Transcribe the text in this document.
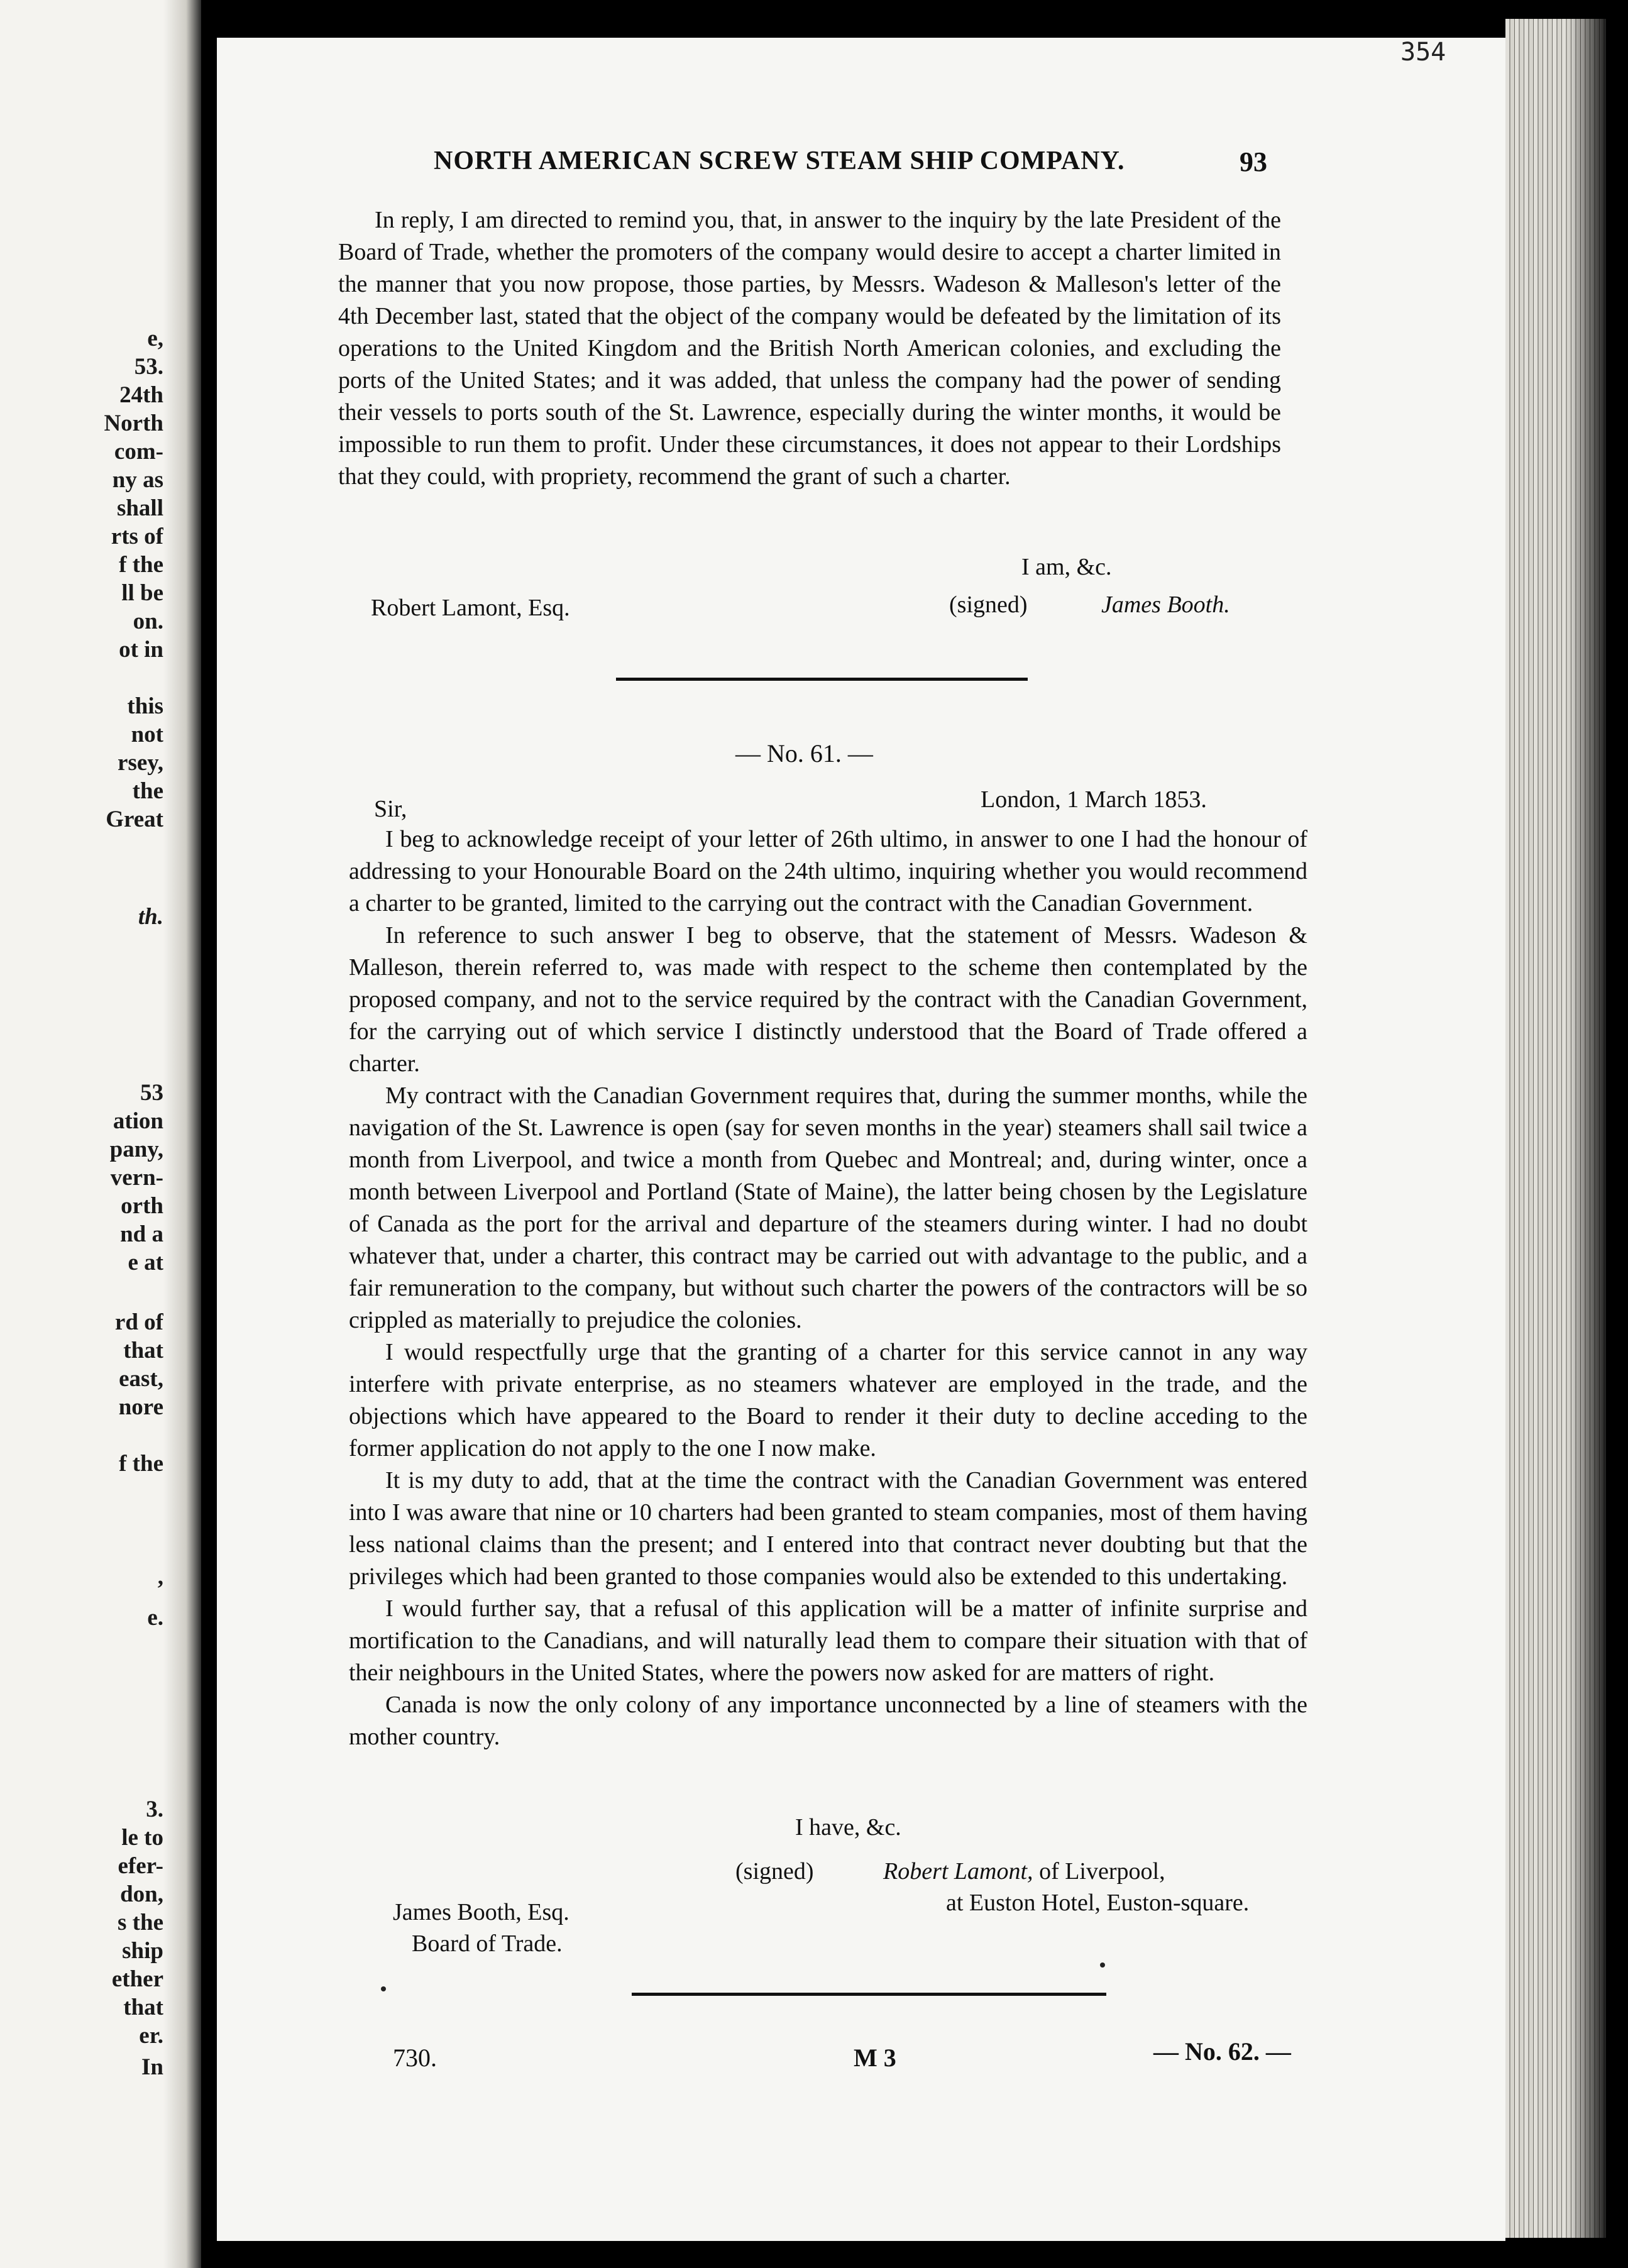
e,
53.
24th
North
com-
ny as
shall
rts of
f the
ll be
on.
ot in
this
not
rsey,
the
Great
th.
53
ation
pany,
vern-
orth
nd a
e at
rd of
that
east,
nore
f the
,
e.
3.
le to
efer-
don,
s the
ship
ether
that
er.
In
354
NORTH AMERICAN SCREW STEAM SHIP COMPANY.	93

In reply, I am directed to remind you, that, in answer to the inquiry by the late President of the Board of Trade, whether the promoters of the company would desire to accept a charter limited in the manner that you now propose, those parties, by Messrs. Wadeson & Malleson's letter of the 4th December last, stated that the object of the company would be defeated by the limitation of its operations to the United Kingdom and the British North American colonies, and excluding the ports of the United States; and it was added, that unless the company had the power of sending their vessels to ports south of the St. Lawrence, especially during the winter months, it would be impossible to run them to profit. Under these circumstances, it does not appear to their Lordships that they could, with propriety, recommend the grant of such a charter.

I am, &c.
Robert Lamont, Esq.	(signed)	James Booth.
— No. 61. —
Sir,	London, 1 March 1853.

I beg to acknowledge receipt of your letter of 26th ultimo, in answer to one I had the honour of addressing to your Honourable Board on the 24th ultimo, inquiring whether you would recommend a charter to be granted, limited to the carrying out the contract with the Canadian Government.

In reference to such answer I beg to observe, that the statement of Messrs. Wadeson & Malleson, therein referred to, was made with respect to the scheme then contemplated by the proposed company, and not to the service required by the contract with the Canadian Government, for the carrying out of which service I distinctly understood that the Board of Trade offered a charter.

My contract with the Canadian Government requires that, during the summer months, while the navigation of the St. Lawrence is open (say for seven months in the year) steamers shall sail twice a month from Liverpool, and twice a month from Quebec and Montreal; and, during winter, once a month between Liverpool and Portland (State of Maine), the latter being chosen by the Legislature of Canada as the port for the arrival and departure of the steamers during winter. I had no doubt whatever that, under a charter, this contract may be carried out with advantage to the public, and a fair remuneration to the company, but without such charter the powers of the contractors will be so crippled as materially to prejudice the colonies.

I would respectfully urge that the granting of a charter for this service cannot in any way interfere with private enterprise, as no steamers whatever are employed in the trade, and the objections which have appeared to the Board to render it their duty to decline acceding to the former application do not apply to the one I now make.

It is my duty to add, that at the time the contract with the Canadian Government was entered into I was aware that nine or 10 charters had been granted to steam companies, most of them having less national claims than the present; and I entered into that contract never doubting but that the privileges which had been granted to those companies would also be extended to this undertaking.

I would further say, that a refusal of this application will be a matter of infinite surprise and mortification to the Canadians, and will naturally lead them to compare their situation with that of their neighbours in the United States, where the powers now asked for are matters of right.

Canada is now the only colony of any importance unconnected by a line of steamers with the mother country.

I have, &c.
(signed)	Robert Lamont, of Liverpool,
at Euston Hotel, Euston-square.
James Booth, Esq.
Board of Trade.
730.	M 3	— No. 62. —
